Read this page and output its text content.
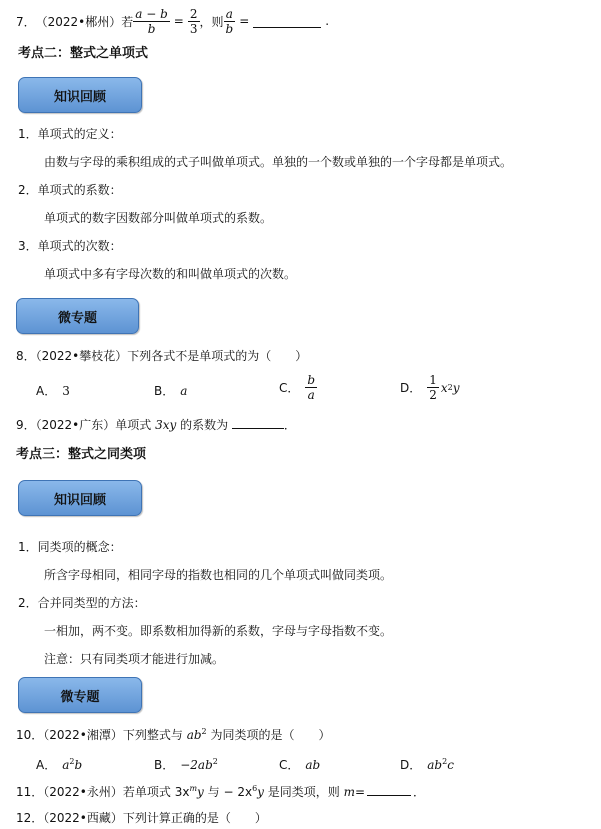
7． （2022•郴州）若 $\frac{a - b}{b} = \frac{2}{3}$ ，则 $\frac{a}{b}$ =	.
考点二：整式之单项式
知识回顾
1．单项式的定义：
由数与字母的乘积组成的式子叫做单项式。单独的一个数或单独的一个字母都是单项式。
2．单项式的系数：
单项式的数字因数部分叫做单项式的系数。
3．单项式的次数：
单项式中多有字母次数的和叫做单项式的次数。
微专题
8．（2022•攀枝花）下列各式不是单项式的为（　　）
A． 3	B． a	C． $\frac{b}{a}$	D． $\frac{1}{2}$ x 2 y
9．（2022•广东）单项式 3xy 的系数为	．
考点三：整式之同类项
知识回顾
1．同类项的概念：
所含字母相同，相同字母的指数也相同的几个单项式叫做同类项。
2．合并同类型的方法：
一相加，两不变。即系数相加得新的系数，字母与字母指数不变。
注意：只有同类项才能进行加减。
微专题
10．（2022•湘潭）下列整式与 $ab^2$ 为同类项的是（　　）
A． $a^2b$	B． $-2ab^2$	C． ab	D． $ab^2c$
11．（2022•永州）若单项式 $3x^my$ 与 − $2x^6y$ 是同类项，则 m=	．
12．（2022•西藏）下列计算正确的是（　　）
